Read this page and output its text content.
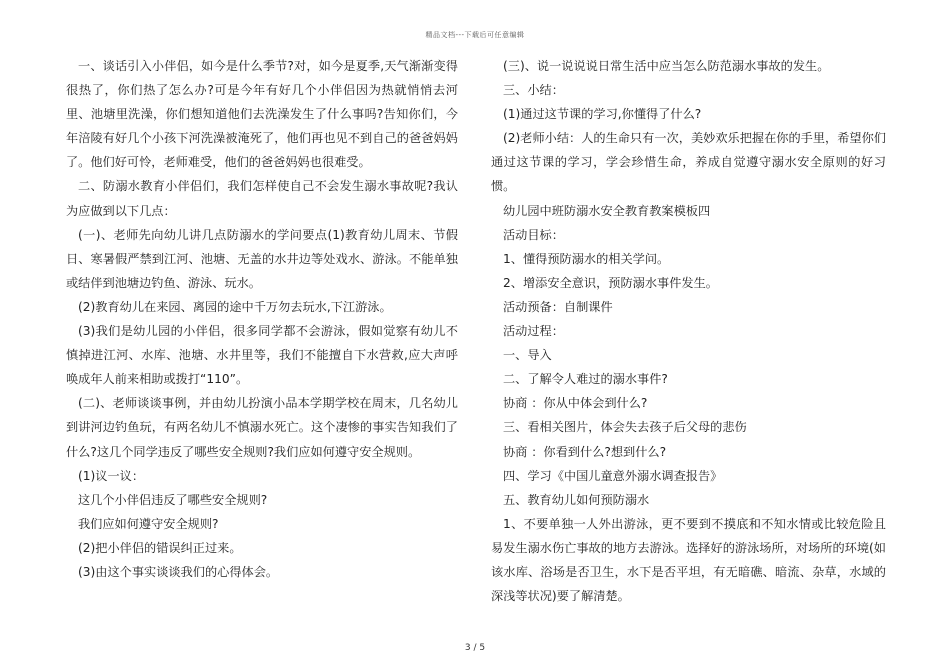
精品文档---下载后可任意编辑

一、谈话引入小伴侣，如今是什么季节?对，如今是夏季,天气渐渐变得很热了，你们热了怎么办?可是今年有好几个小伴侣因为热就悄悄去河里、池塘里洗澡，你们想知道他们去洗澡发生了什么事吗?告知你们，今年涪陵有好几个小孩下河洗澡被淹死了，他们再也见不到自己的爸爸妈妈了。他们好可怜，老师难受，他们的爸爸妈妈也很难受。

二、防溺水教育小伴侣们，我们怎样使自己不会发生溺水事故呢?我认为应做到以下几点：

(一)、老师先向幼儿讲几点防溺水的学问要点(1)教育幼儿周末、节假日、寒暑假严禁到江河、池塘、无盖的水井边等处戏水、游泳。不能单独或结伴到池塘边钓鱼、游泳、玩水。

(2)教育幼儿在来园、离园的途中千万勿去玩水,下江游泳。

(3)我们是幼儿园的小伴侣，很多同学都不会游泳，假如觉察有幼儿不慎掉进江河、水库、池塘、水井里等，我们不能擅自下水营救,应大声呼唤成年人前来相助或拨打“110”。

(二)、老师谈谈事例，并由幼儿扮演小品本学期学校在周末，几名幼儿到讲河边钓鱼玩，有两名幼儿不慎溺水死亡。这个凄惨的事实告知我们了什么?这几个同学违反了哪些安全规则?我们应如何遵守安全规则。

(1)议一议：

这几个小伴侣违反了哪些安全规则?

我们应如何遵守安全规则?

(2)把小伴侣的错误纠正过来。

(3)由这个事实谈谈我们的心得体会。

(三)、说一说说说日常生活中应当怎么防范溺水事故的发生。

三、小结：

(1)通过这节课的学习,你懂得了什么?

(2)老师小结：人的生命只有一次，美妙欢乐把握在你的手里，希望你们通过这节课的学习，学会珍惜生命，养成自觉遵守溺水安全原则的好习惯。

幼儿园中班防溺水安全教育教案模板四

活动目标：

1、懂得预防溺水的相关学问。

2、增添安全意识，预防溺水事件发生。

活动预备：自制课件

活动过程：

一、导入

二、了解令人难过的溺水事件?

协商 ：你从中体会到什么?

三、看相关图片，体会失去孩子后父母的悲伤

协商 ：你看到什么?想到什么?

四、学习《中国儿童意外溺水调查报告》

五、教育幼儿如何预防溺水

1、不要单独一人外出游泳，更不要到不摸底和不知水情或比较危险且易发生溺水伤亡事故的地方去游泳。选择好的游泳场所，对场所的环境(如该水库、浴场是否卫生，水下是否平坦，有无暗礁、暗流、杂草，水域的深浅等状况)要了解清楚。

3 / 5
